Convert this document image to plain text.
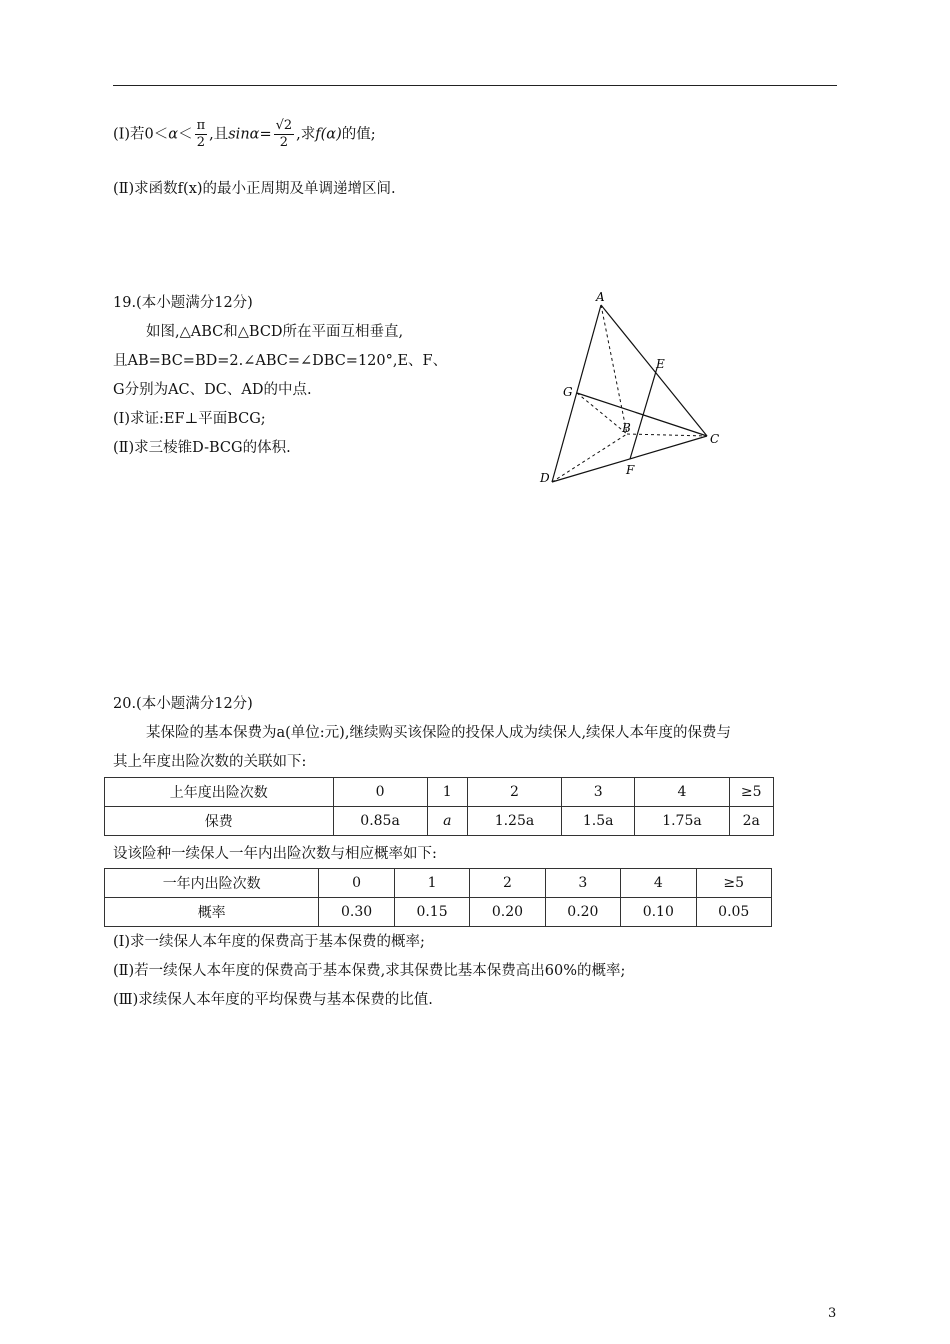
(Ⅰ)若$0<\alpha< \frac{\pi}{2}$ ,且$\sin\alpha= \frac{√2}{2}$ ,求f(α)的值;
(Ⅱ)求函数f(x)的最小正周期及单调递增区间.
19.(本小题满分12分)
如图,△ABC和△BCD所在平面互相垂直,
且AB=BC=BD=2.∠ABC=∠DBC=120°,E、F、
G分别为AC、DC、AD的中点.
(Ⅰ)求证:EF⊥平面BCG;
(Ⅱ)求三棱锥D-BCG的体积.
A
B
C
D
E
F
G
20.(本小题满分12分)
某保险的基本保费为a(单位:元),继续购买该保险的投保人成为续保人,续保人本年度的保费与
其上年度出险次数的关联如下:
上年度出险次数	0	1	2	3	4	≥5
保费	0.85a	a	1.25a	1.5a	1.75a	2a
设该险种一续保人一年内出险次数与相应概率如下:
一年内出险次数	0	1	2	3	4	≥5
概率	0.30	0.15	0.20	0.20	0.10	0.05
(Ⅰ)求一续保人本年度的保费高于基本保费的概率;
(Ⅱ)若一续保人本年度的保费高于基本保费,求其保费比基本保费高出60%的概率;
(Ⅲ)求续保人本年度的平均保费与基本保费的比值.
3
